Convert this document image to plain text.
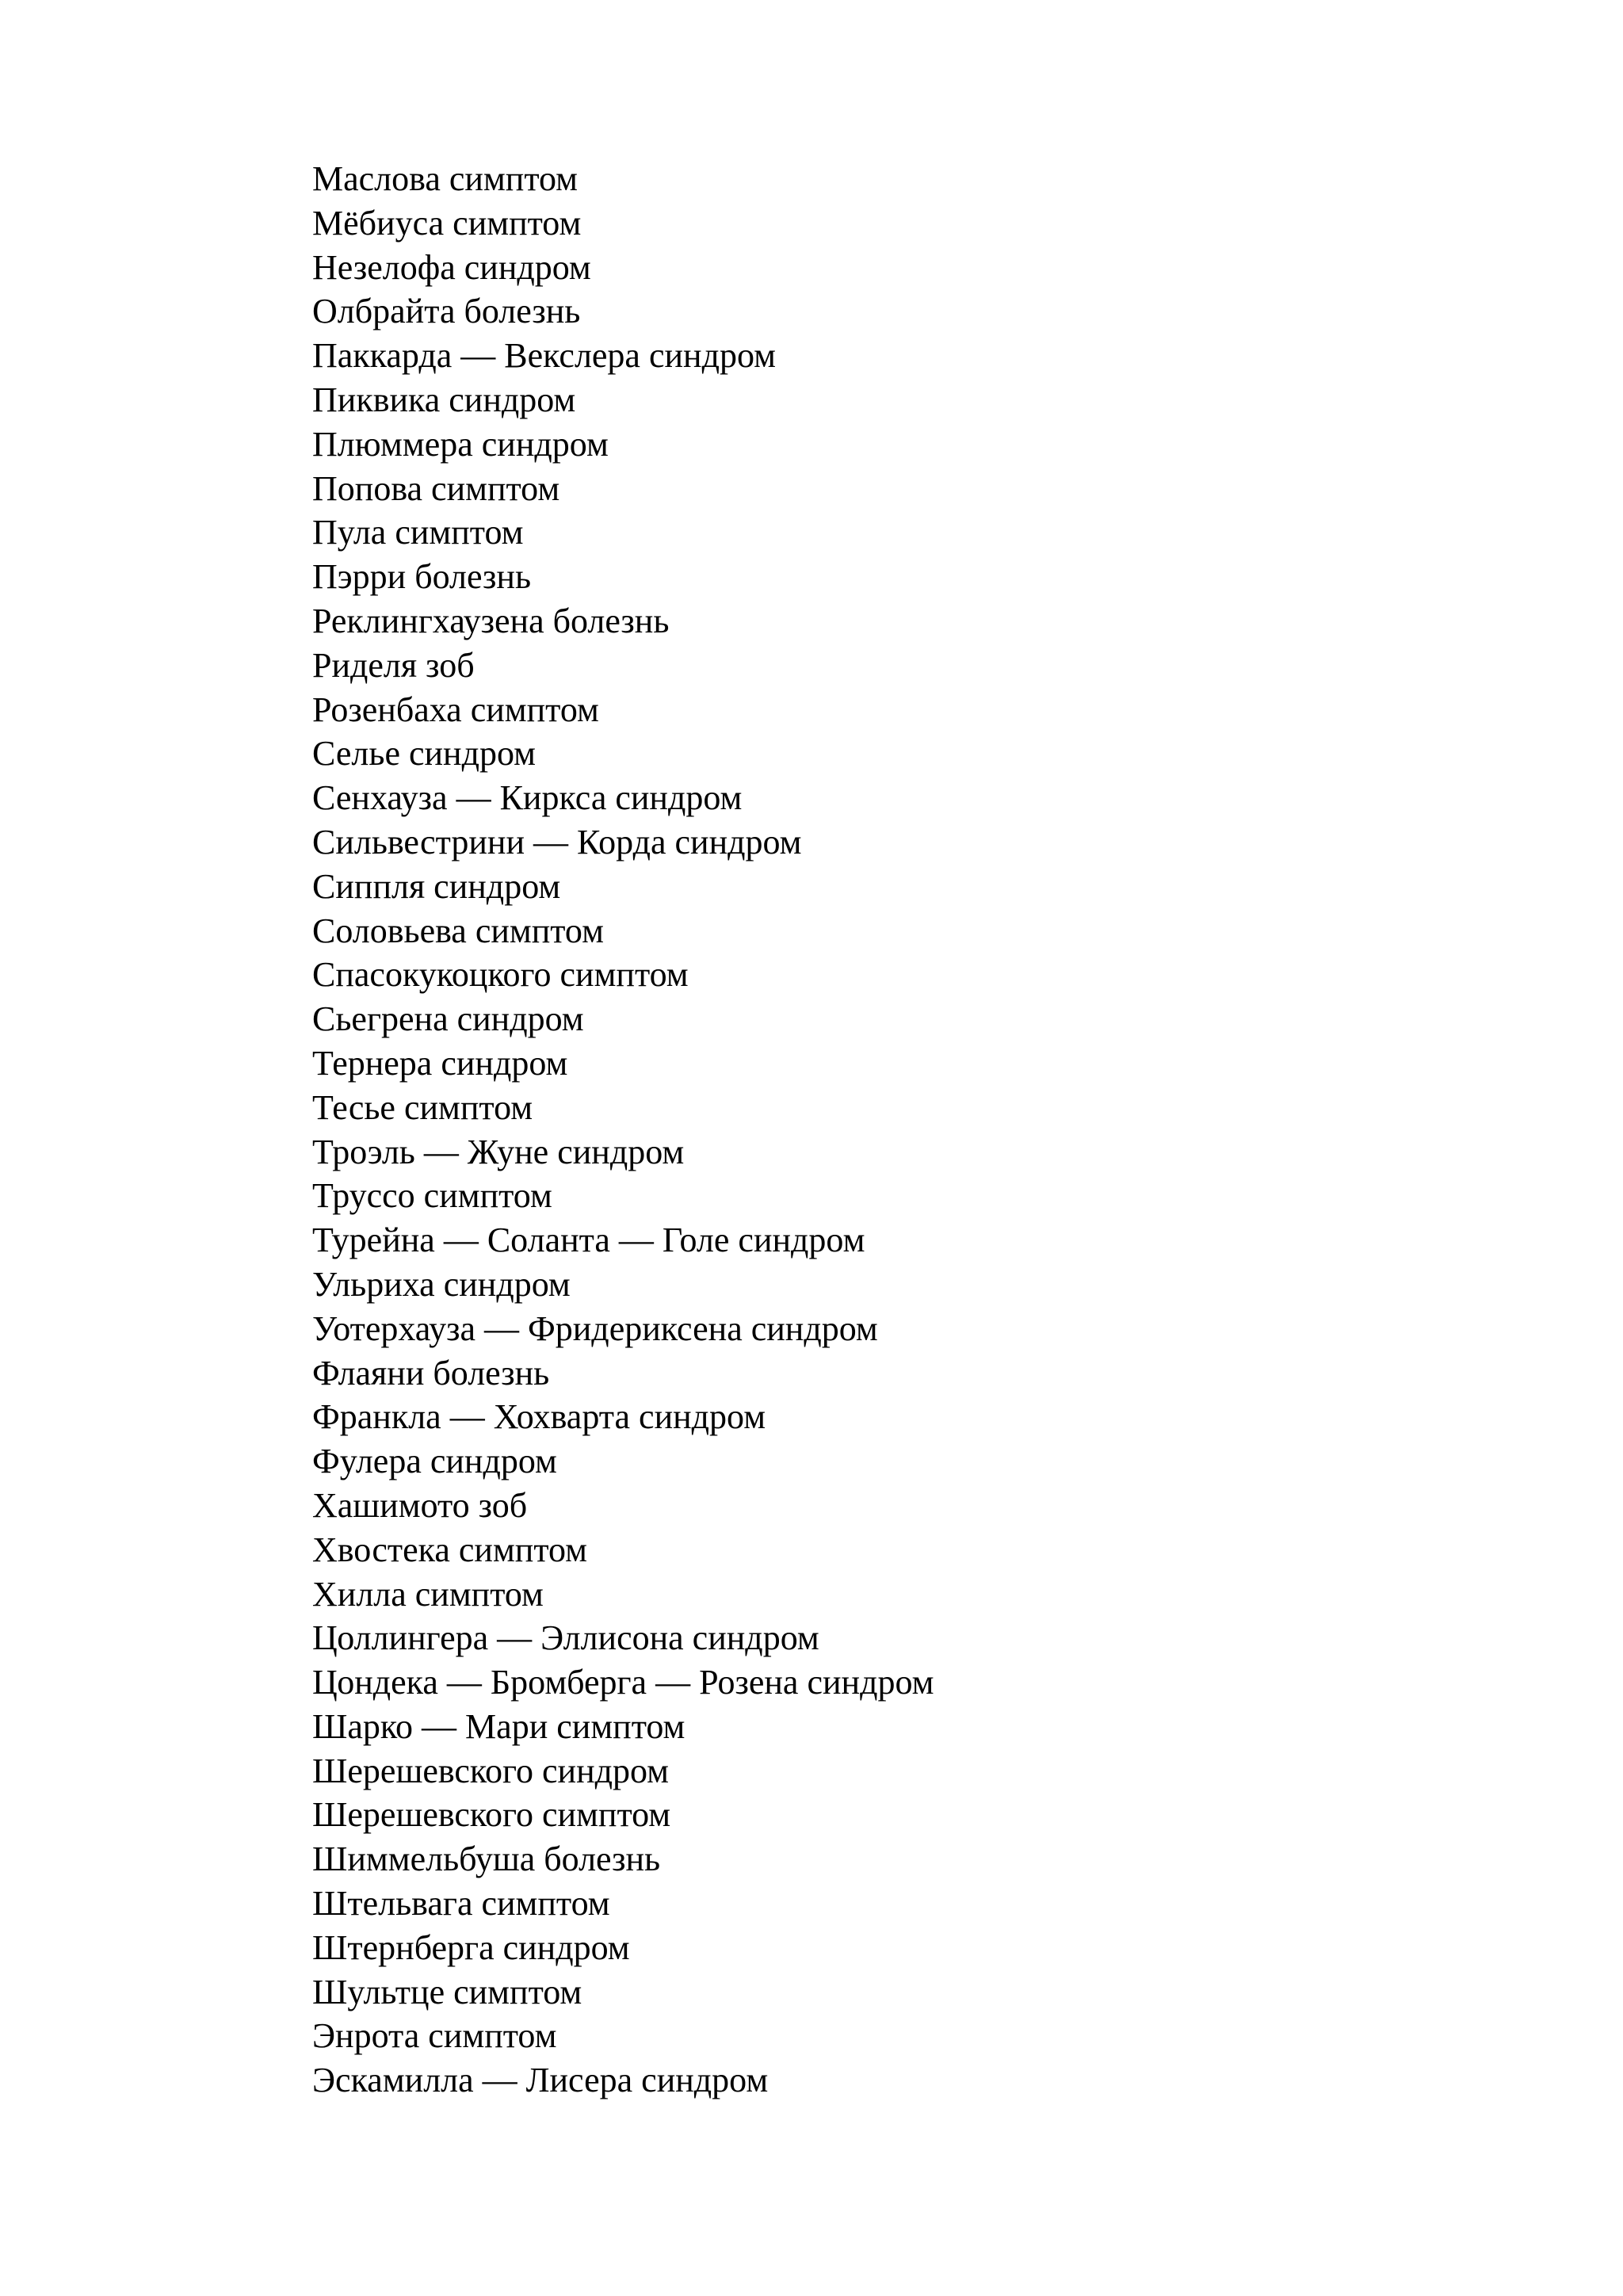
Маслова симптом
Мёбиуса симптом
Незелофа синдром
Олбрайта болезнь
Паккарда — Векслера синдром
Пиквика синдром
Плюммера синдром
Попова симптом
Пула симптом
Пэрри болезнь
Реклингхаузена болезнь
Риделя зоб
Розенбаха симптом
Селье синдром
Сенхауза — Киркса синдром
Сильвестрини — Корда синдром
Сиппля синдром
Соловьева симптом
Спасокукоцкого симптом
Сьегрена синдром
Тернера синдром
Тесье симптом
Троэль — Жуне синдром
Труссо симптом
Турейна — Соланта — Голе синдром
Ульриха синдром
Уотерхауза — Фридериксена синдром
Флаяни болезнь
Франкла — Хохварта синдром
Фулера синдром
Хашимото зоб
Хвостека симптом
Хилла симптом
Цоллингера — Эллисона синдром
Цондека — Бромберга — Розена синдром
Шарко — Мари симптом
Шерешевского синдром
Шерешевского симптом
Шиммельбуша болезнь
Штельвага симптом
Штернберга синдром
Шультце симптом
Энрота симптом
Эскамилла — Лисера синдром
